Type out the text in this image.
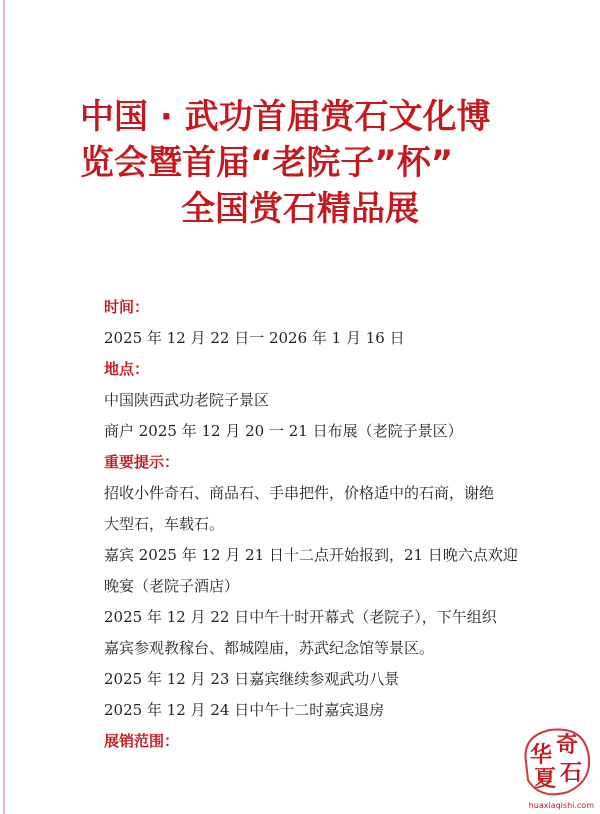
中国 · 武功首届赏石文化博
览会暨首届“老院子”杯”
全国赏石精品展
时间：
2025 年 12 月 22 日一 2026 年 1 月 16 日
地点：
中国陕西武功老院子景区
商户 2025 年 12 月 20 一 21 日布展（老院子景区）
重要提示：
招收小件奇石、商品石、手串把件，价格适中的石商，谢绝
大型石，车载石。
嘉宾 2025 年 12 月 21 日十二点开始报到，21 日晚六点欢迎
晚宴（老院子酒店）
2025 年 12 月 22 日中午十时开幕式（老院子），下午组织
嘉宾参观教稼台、都城隍庙，苏武纪念馆等景区。
2025 年 12 月 23 日嘉宾继续参观武功八景
2025 年 12 月 24 日中午十二时嘉宾退房
展销范围：
华 奇
夏 石
huaxiaqishi.com
